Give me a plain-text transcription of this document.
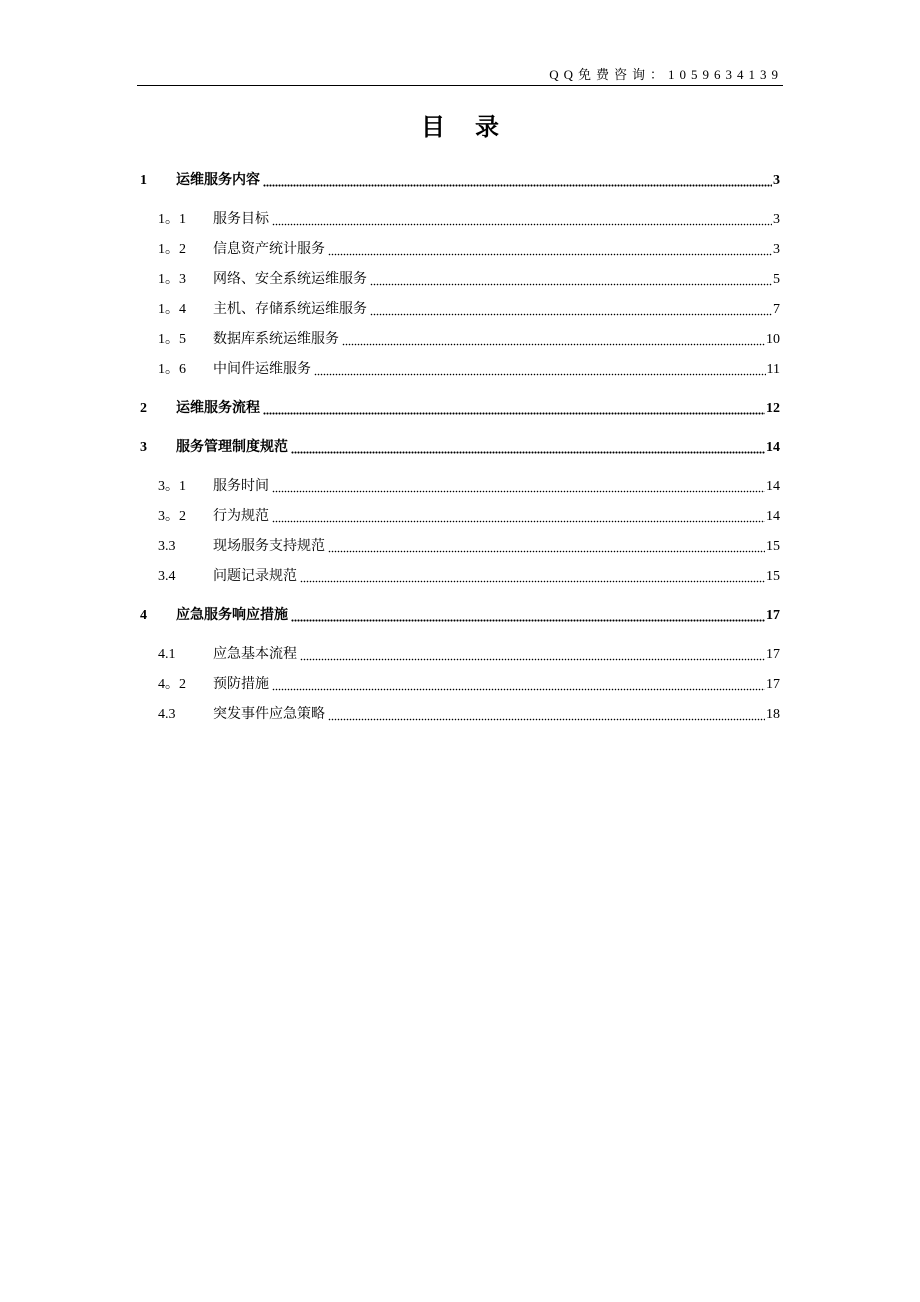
QQ免费咨询：1059634139
目 录
1	运维服务内容	3
1。1	服务目标	3
1。2	信息资产统计服务	3
1。3	网络、安全系统运维服务	5
1。4	主机、存储系统运维服务	7
1。5	数据库系统运维服务	10
1。6	中间件运维服务	11
2	运维服务流程	12
3	服务管理制度规范	14
3。1	服务时间	14
3。2	行为规范	14
3.3	现场服务支持规范	15
3.4	问题记录规范	15
4	应急服务响应措施	17
4.1	应急基本流程	17
4。2	预防措施	17
4.3	突发事件应急策略	18
